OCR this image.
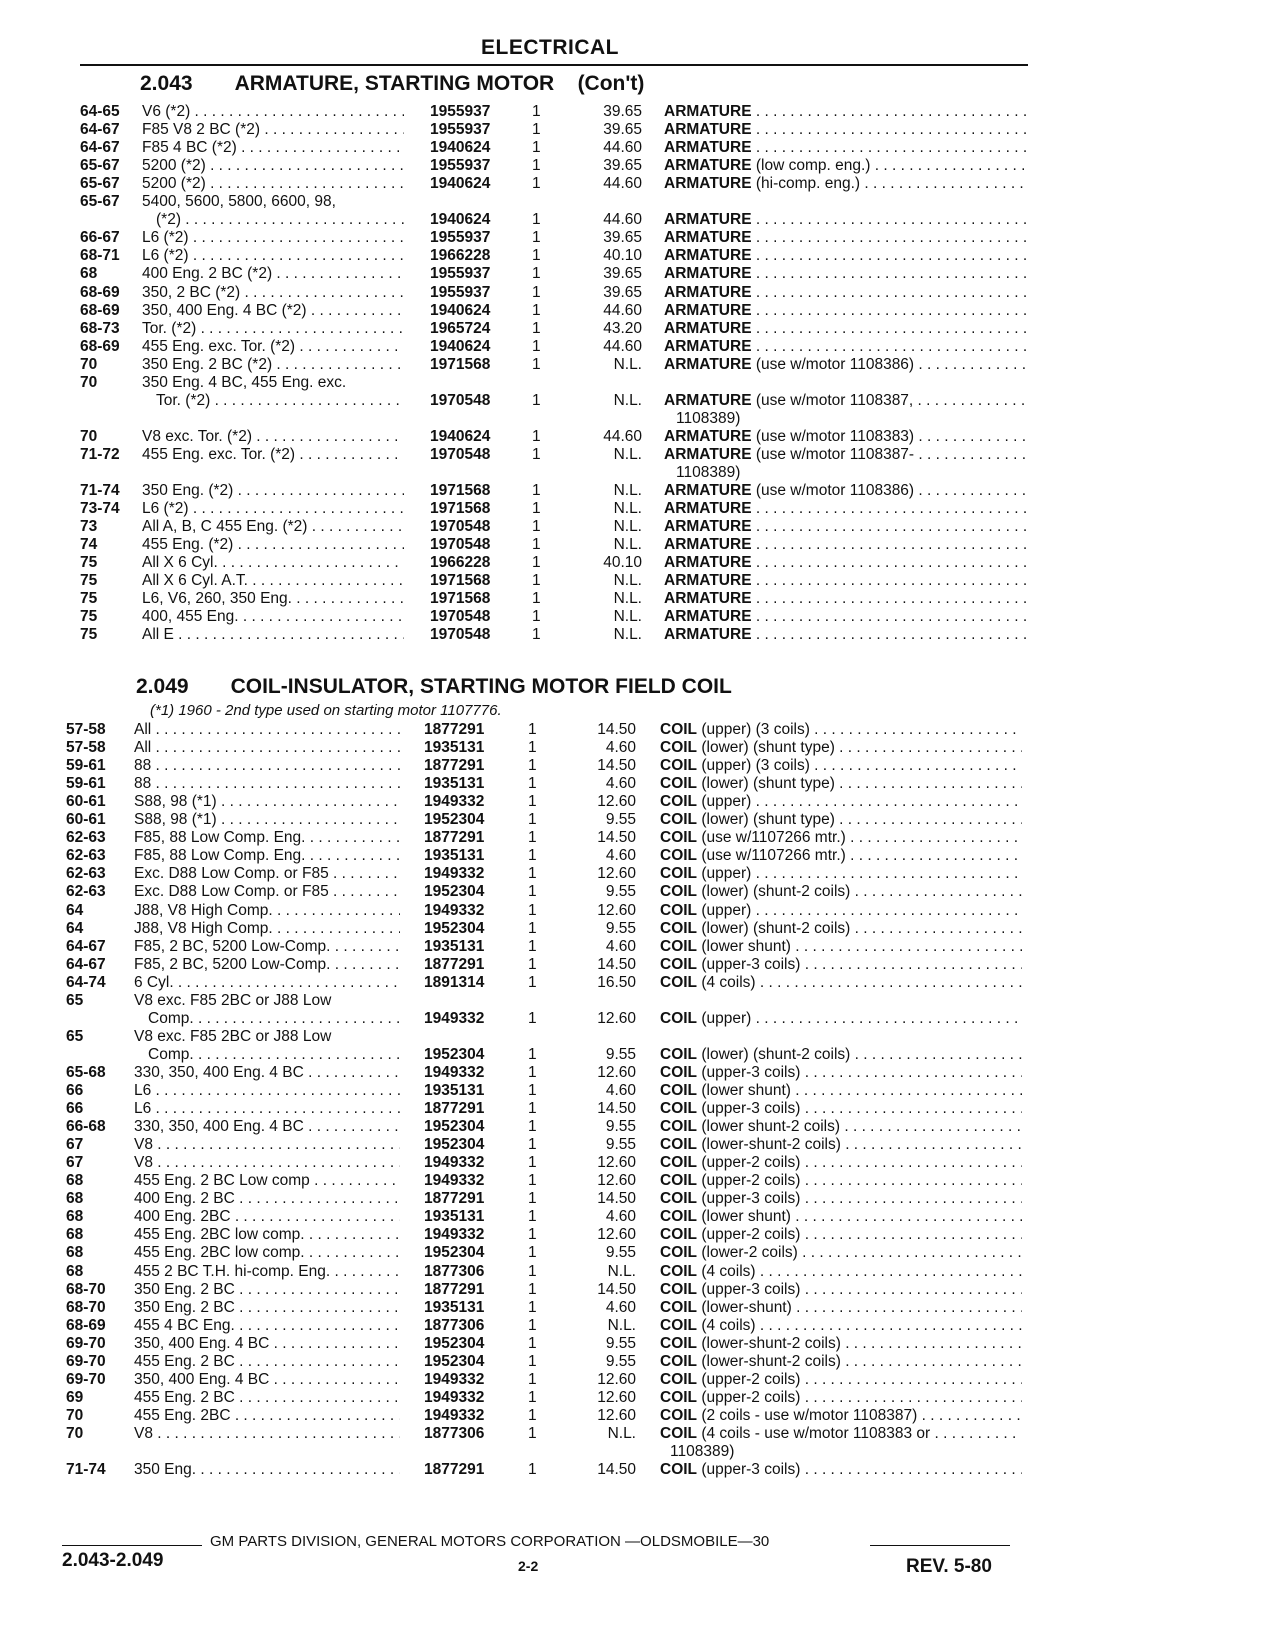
ELECTRICAL
2.043 ARMATURE, STARTING MOTOR (Con't)
64-65	V6 (*2) . . .	1955937	1	39.65 ARMATURE . . .
64-67	F85 V8 2 BC (*2) . . .	1955937	1	39.65 ARMATURE . . .
64-67	F85 4 BC (*2) . . .	1940624	1	44.60 ARMATURE . . .
65-67	5200 (*2) . . .	1955937	1	39.65 ARMATURE (low comp. eng.) . . .
65-67	5200 (*2) . . .	1940624	1	44.60 ARMATURE (hi-comp. eng.) . . .
65-67	5400, 5600, 5800, 6600, 98,
(*2) . . .	1940624	1	44.60 ARMATURE . . .
66-67	L6 (*2) . . .	1955937	1	39.65 ARMATURE . . .
68-71	L6 (*2) . . .	1966228	1	40.10 ARMATURE . . .
68	400 Eng. 2 BC (*2) . . .	1955937	1	39.65 ARMATURE . . .
68-69	350, 2 BC (*2) . . .	1955937	1	39.65 ARMATURE . . .
68-69	350, 400 Eng. 4 BC (*2) . . .	1940624	1	44.60 ARMATURE . . .
68-73	Tor. (*2) . . .	1965724	1	43.20 ARMATURE . . .
68-69	455 Eng. exc. Tor. (*2) . . .	1940624	1	44.60 ARMATURE . . .
70	350 Eng. 2 BC (*2) . . .	1971568	1	N.L. ARMATURE (use w/motor 1108386) . . .
70	350 Eng. 4 BC, 455 Eng. exc.
Tor. (*2) . . .	1970548	1	N.L. ARMATURE (use w/motor 1108387, . . .
1108389)
70	V8 exc. Tor. (*2) . . .	1940624	1	44.60 ARMATURE (use w/motor 1108383) . . .
71-72	455 Eng. exc. Tor. (*2) . . .	1970548	1	N.L. ARMATURE (use w/motor 1108387- . . .
1108389)
71-74	350 Eng. (*2) . . .	1971568	1	N.L. ARMATURE (use w/motor 1108386) . . .
73-74	L6 (*2) . . .	1971568	1	N.L. ARMATURE . . .
73	All A, B, C 455 Eng. (*2) . . .	1970548	1	N.L. ARMATURE . . .
74	455 Eng. (*2) . . .	1970548	1	N.L. ARMATURE . . .
75	All X 6 Cyl. . . .	1966228	1	40.10 ARMATURE . . .
75	All X 6 Cyl. A.T. . . .	1971568	1	N.L. ARMATURE . . .
75	L6, V6, 260, 350 Eng. . . .	1971568	1	N.L. ARMATURE . . .
75	400, 455 Eng. . . .	1970548	1	N.L. ARMATURE . . .
75	All E . . .	1970548	1	N.L. ARMATURE . . .
2.049 COIL-INSULATOR, STARTING MOTOR FIELD COIL
(*1) 1960 - 2nd type used on starting motor 1107776.
57-58	All . . .	1877291	1	14.50 COIL (upper) (3 coils) . . .
57-58	All . . .	1935131	1	4.60 COIL (lower) (shunt type) . . .
59-61	88 . . .	1877291	1	14.50 COIL (upper) (3 coils) . . .
59-61	88 . . .	1935131	1	4.60 COIL (lower) (shunt type) . . .
60-61	S88, 98 (*1) . . .	1949332	1	12.60 COIL (upper) . . .
60-61	S88, 98 (*1) . . .	1952304	1	9.55 COIL (lower) (shunt type) . . .
62-63	F85, 88 Low Comp. Eng. . . .	1877291	1	14.50 COIL (use w/1107266 mtr.) . . .
62-63	F85, 88 Low Comp. Eng. . . .	1935131	1	4.60 COIL (use w/1107266 mtr.) . . .
62-63	Exc. D88 Low Comp. or F85 . . .	1949332	1	12.60 COIL (upper) . . .
62-63	Exc. D88 Low Comp. or F85 . . .	1952304	1	9.55 COIL (lower) (shunt-2 coils) . . .
64	J88, V8 High Comp. . . .	1949332	1	12.60 COIL (upper) . . .
64	J88, V8 High Comp. . . .	1952304	1	9.55 COIL (lower) (shunt-2 coils) . . .
64-67	F85, 2 BC, 5200 Low-Comp. . . .	1935131	1	4.60 COIL (lower shunt) . . .
64-67	F85, 2 BC, 5200 Low-Comp. . . .	1877291	1	14.50 COIL (upper-3 coils) . . .
64-74	6 Cyl. . . .	1891314	1	16.50 COIL (4 coils) . . .
65	V8 exc. F85 2BC or J88 Low
Comp. . . .	1949332	1	12.60 COIL (upper) . . .
65	V8 exc. F85 2BC or J88 Low
Comp. . . .	1952304	1	9.55 COIL (lower) (shunt-2 coils) . . .
65-68	330, 350, 400 Eng. 4 BC . . .	1949332	1	12.60 COIL (upper-3 coils) . . .
66	L6 . . .	1935131	1	4.60 COIL (lower shunt) . . .
66	L6 . . .	1877291	1	14.50 COIL (upper-3 coils) . . .
66-68	330, 350, 400 Eng. 4 BC . . .	1952304	1	9.55 COIL (lower shunt-2 coils) . . .
67	V8 . . .	1952304	1	9.55 COIL (lower-shunt-2 coils) . . .
67	V8 . . .	1949332	1	12.60 COIL (upper-2 coils) . . .
68	455 Eng. 2 BC Low comp . . .	1949332	1	12.60 COIL (upper-2 coils) . . .
68	400 Eng. 2 BC . . .	1877291	1	14.50 COIL (upper-3 coils) . . .
68	400 Eng. 2BC . . .	1935131	1	4.60 COIL (lower shunt) . . .
68	455 Eng. 2BC low comp. . . .	1949332	1	12.60 COIL (upper-2 coils) . . .
68	455 Eng. 2BC low comp. . . .	1952304	1	9.55 COIL (lower-2 coils) . . .
68	455 2 BC T.H. hi-comp. Eng. . . .	1877306	1	N.L. COIL (4 coils) . . .
68-70	350 Eng. 2 BC . . .	1877291	1	14.50 COIL (upper-3 coils) . . .
68-70	350 Eng. 2 BC . . .	1935131	1	4.60 COIL (lower-shunt) . . .
68-69	455 4 BC Eng. . . .	1877306	1	N.L. COIL (4 coils) . . .
69-70	350, 400 Eng. 4 BC . . .	1952304	1	9.55 COIL (lower-shunt-2 coils) . . .
69-70	455 Eng. 2 BC . . .	1952304	1	9.55 COIL (lower-shunt-2 coils) . . .
69-70	350, 400 Eng. 4 BC . . .	1949332	1	12.60 COIL (upper-2 coils) . . .
69	455 Eng. 2 BC . . .	1949332	1	12.60 COIL (upper-2 coils) . . .
70	455 Eng. 2BC . . .	1949332	1	12.60 COIL (2 coils - use w/motor 1108387) . . .
70	V8 . . .	1877306	1	N.L. COIL (4 coils - use w/motor 1108383 or . . .
1108389)
71-74	350 Eng. . . .	1877291	1	14.50 COIL (upper-3 coils) . . .
GM PARTS DIVISION, GENERAL MOTORS CORPORATION —OLDSMOBILE—30
2.043-2.049	2-2	REV. 5-80
